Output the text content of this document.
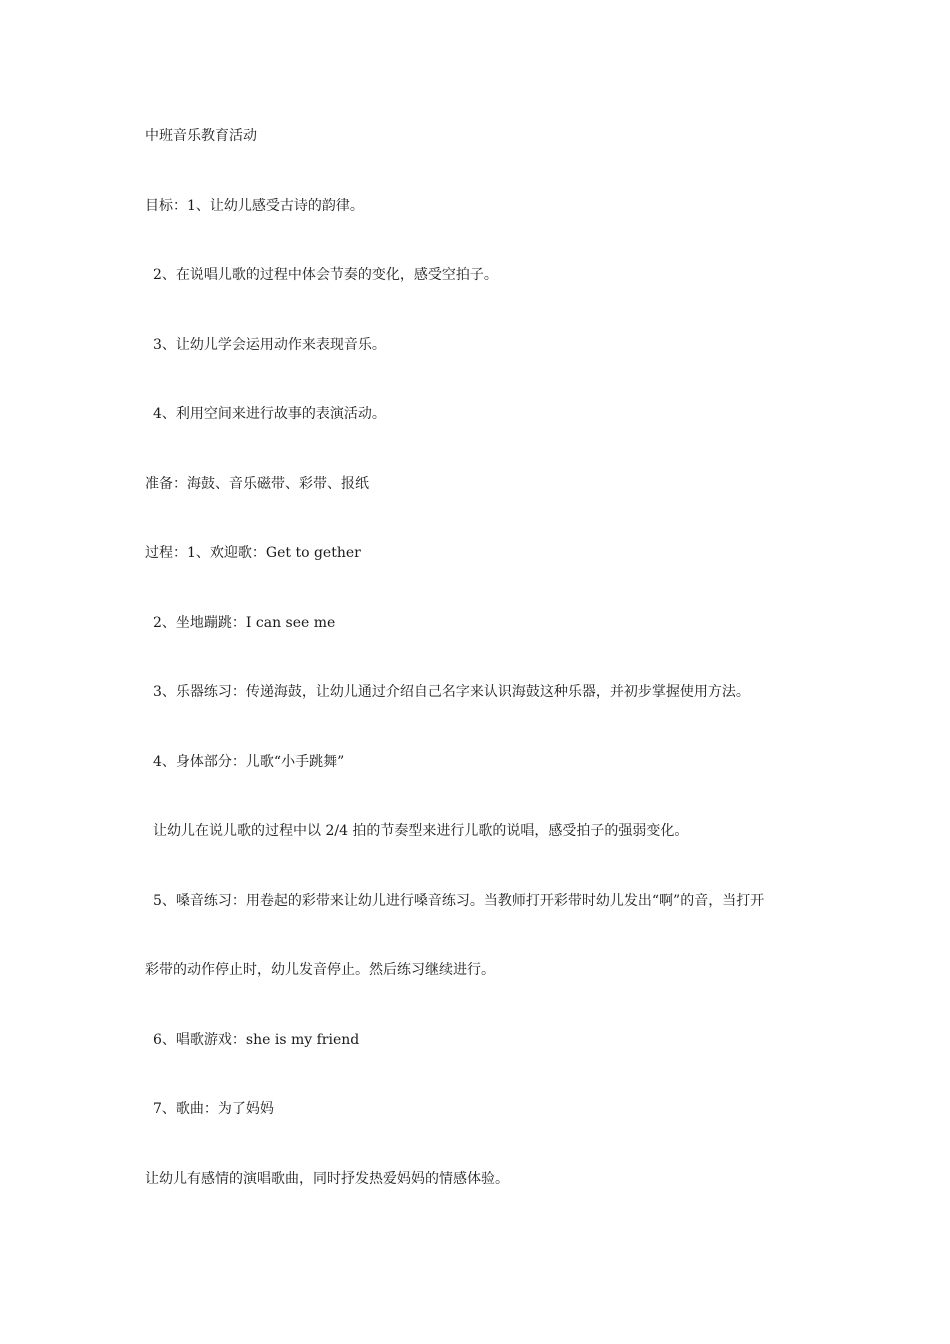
中班音乐教育活动
目标：1、让幼儿感受古诗的韵律。
2、在说唱儿歌的过程中体会节奏的变化，感受空拍子。
3、让幼儿学会运用动作来表现音乐。
4、利用空间来进行故事的表演活动。
准备：海鼓、音乐磁带、彩带、报纸
过程：1、欢迎歌：Get to gether
2、坐地蹦跳：I can see me
3、乐器练习：传递海鼓，让幼儿通过介绍自己名字来认识海鼓这种乐器，并初步掌握使用方法。
4、身体部分：儿歌“小手跳舞”
让幼儿在说儿歌的过程中以 2/4 拍的节奏型来进行儿歌的说唱，感受拍子的强弱变化。
5、嗓音练习：用卷起的彩带来让幼儿进行嗓音练习。当教师打开彩带时幼儿发出“啊”的音，当打开
彩带的动作停止时，幼儿发音停止。然后练习继续进行。
6、唱歌游戏：she is my friend
7、歌曲：为了妈妈
让幼儿有感情的演唱歌曲，同时抒发热爱妈妈的情感体验。
